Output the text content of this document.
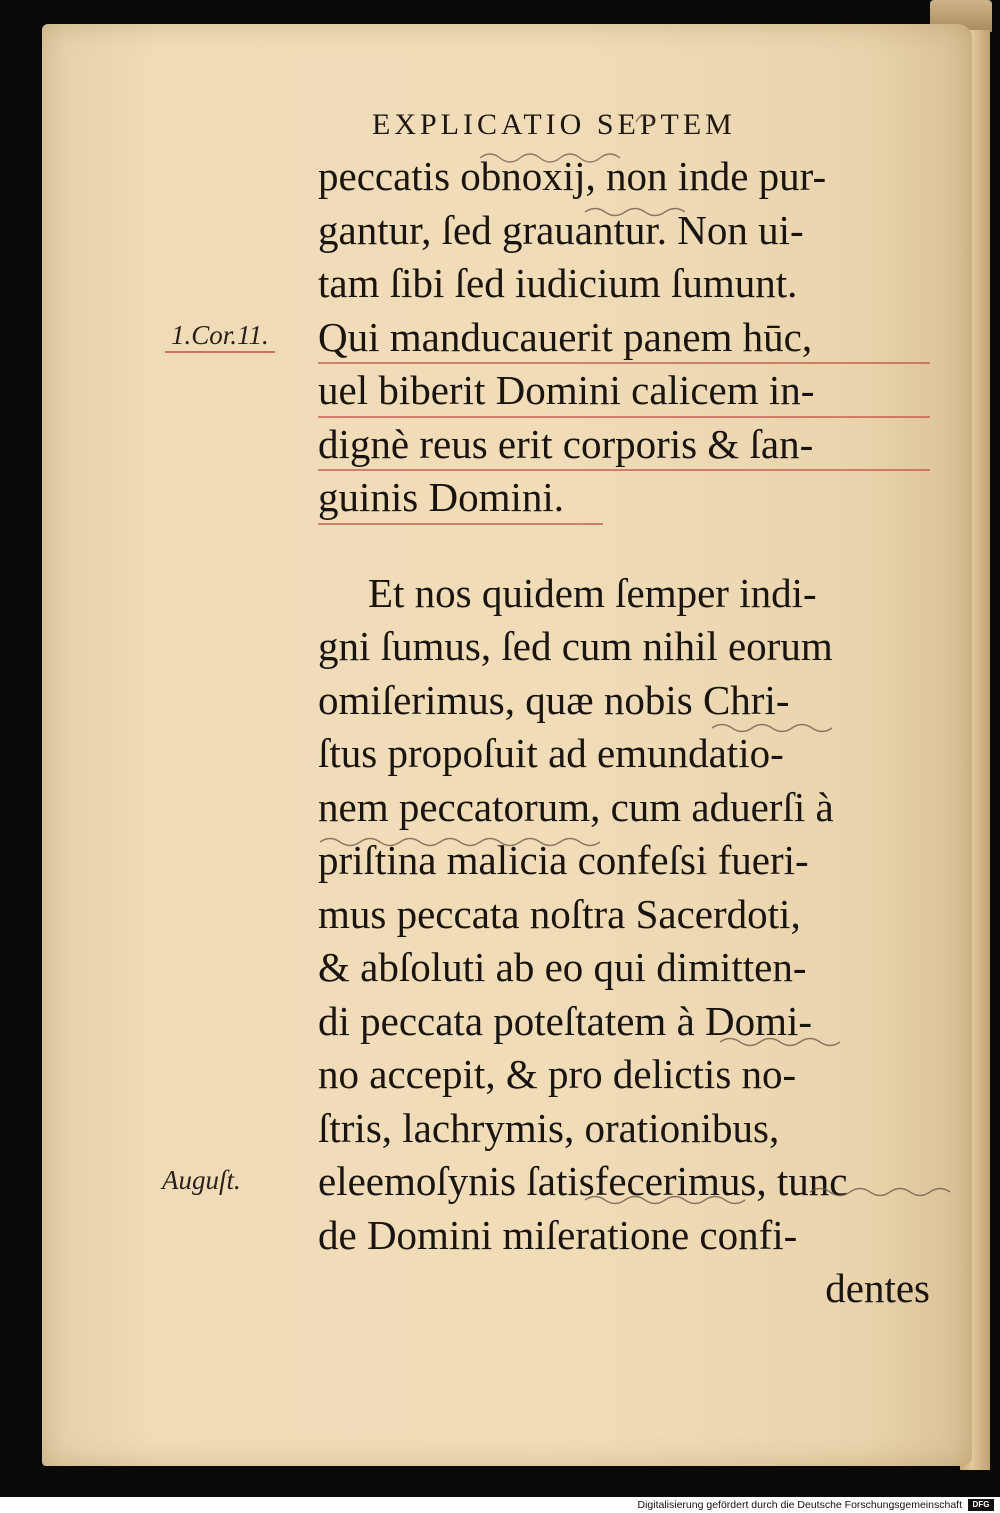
EXPLICATIO SEPTEM
1.Cor.11.
Auguſt.
peccatis obnoxij, non inde pur-
gantur, ſed grauantur. Non ui-
tam ſibi ſed iudicium ſumunt.
Qui manducauerit panem hūc,
uel biberit Domini calicem in-
dignè reus erit corporis & ſan-
guinis Domini.
Et nos quidem ſemper indi-
gni ſumus, ſed cum nihil eorum
omiſerimus, quæ nobis Chri-
ſtus propoſuit ad emundatio-
nem peccatorum, cum aduerſi à
priſtina malicia confeſsi fueri-
mus peccata noſtra Sacerdoti,
& abſoluti ab eo qui dimitten-
di peccata poteſtatem à Domi-
no accepit, & pro delictis no-
ſtris, lachrymis, orationibus,
eleemoſynis ſatisfecerimus, tunc
de Domini miſeratione confi-
dentes
Digitalisierung gefördert durch die Deutsche Forschungsgemeinschaft	DFG
